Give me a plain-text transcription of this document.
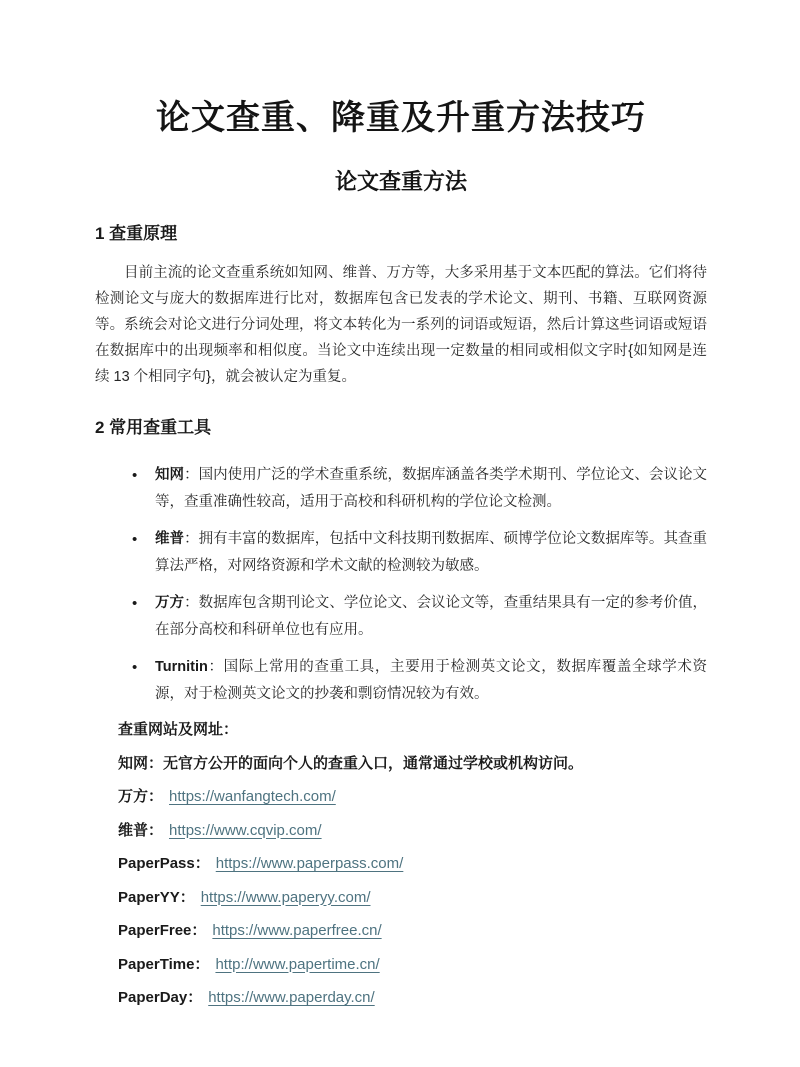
论文查重、降重及升重方法技巧
论文查重方法
1 查重原理

目前主流的论文查重系统如知网、维普、万方等，大多采用基于文本匹配的算法。它们将待检测论文与庞大的数据库进行比对，数据库包含已发表的学术论文、期刊、书籍、互联网资源等。系统会对论文进行分词处理，将文本转化为一系列的词语或短语，然后计算这些词语或短语在数据库中的出现频率和相似度。当论文中连续出现一定数量的相同或相似文字时{如知网是连续 13 个相同字句}，就会被认定为重复。

2 常用查重工具
• 知网：国内使用广泛的学术查重系统，数据库涵盖各类学术期刊、学位论文、会议论文等，查重准确性较高，适用于高校和科研机构的学位论文检测。
• 维普：拥有丰富的数据库，包括中文科技期刊数据库、硕博学位论文数据库等。其查重算法严格，对网络资源和学术文献的检测较为敏感。
• 万方：数据库包含期刊论文、学位论文、会议论文等，查重结果具有一定的参考价值，在部分高校和科研单位也有应用。
• Turnitin：国际上常用的查重工具，主要用于检测英文论文，数据库覆盖全球学术资源，对于检测英文论文的抄袭和剽窃情况较为有效。

查重网站及网址：

知网：无官方公开的面向个人的查重入口，通常通过学校或机构访问。

万方： https://wanfangtech.com/

维普： https://www.cqvip.com/

PaperPass： https://www.paperpass.com/

PaperYY： https://www.paperyy.com/

PaperFree： https://www.paperfree.cn/

PaperTime： http://www.papertime.cn/

PaperDay： https://www.paperday.cn/
